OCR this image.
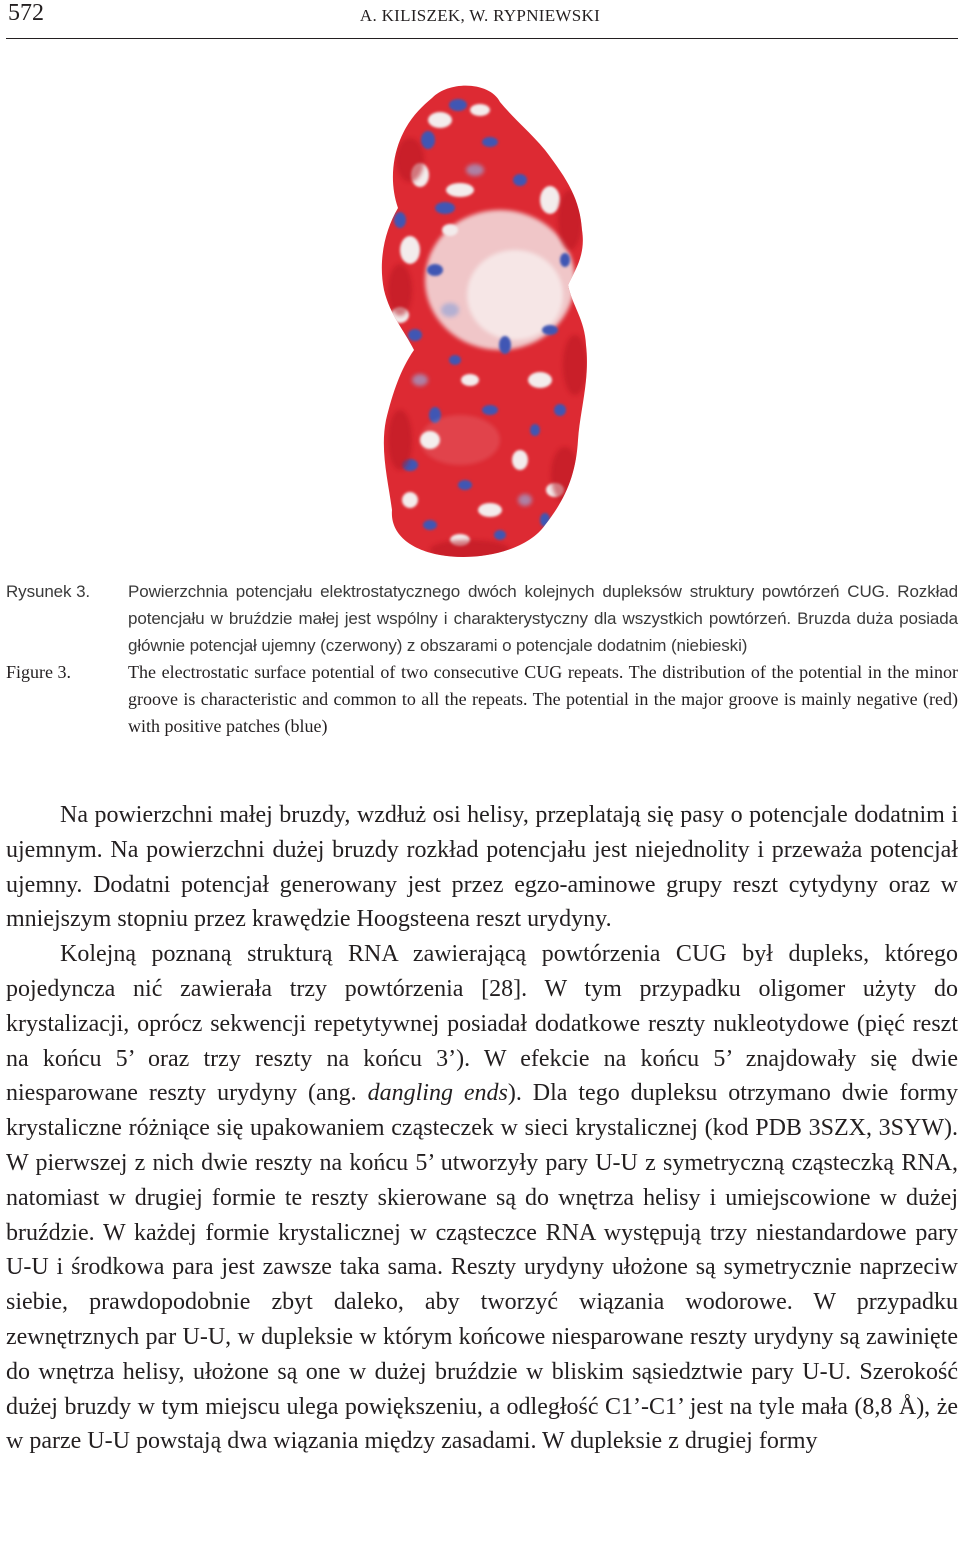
572	A. KILISZEK, W. RYPNIEWSKI
Rysunek 3.	Powierzchnia potencjału elektrostatycznego dwóch kolejnych dupleksów struktury powtórzeń CUG. Rozkład potencjału w bruździe małej jest wspólny i charakterystyczny dla wszystkich powtórzeń. Bruzda duża posiada głównie potencjał ujemny (czerwony) z obszarami o potencjale dodatnim (niebieski)
Figure 3.	The electrostatic surface potential of two consecutive CUG repeats. The distribution of the potential in the minor groove is characteristic and common to all the repeats. The potential in the major groove is mainly negative (red) with positive patches (blue)

Na powierzchni małej bruzdy, wzdłuż osi helisy, przeplatają się pasy o potencjale dodatnim i ujemnym. Na powierzchni dużej bruzdy rozkład potencjału jest niejednolity i przeważa potencjał ujemny. Dodatni potencjał generowany jest przez egzo-aminowe grupy reszt cytydyny oraz w mniejszym stopniu przez krawędzie Hoogsteena reszt urydyny.

Kolejną poznaną strukturą RNA zawierającą powtórzenia CUG był dupleks, którego pojedyncza nić zawierała trzy powtórzenia [28]. W tym przypadku oligomer użyty do krystalizacji, oprócz sekwencji repetytywnej posiadał dodatkowe reszty nukleotydowe (pięć reszt na końcu 5’ oraz trzy reszty na końcu 3’). W efekcie na końcu 5’ znajdowały się dwie niesparowane reszty urydyny (ang. dangling ends). Dla tego dupleksu otrzymano dwie formy krystaliczne różniące się upakowaniem cząsteczek w sieci krystalicznej (kod PDB 3SZX, 3SYW). W pierwszej z nich dwie reszty na końcu 5’ utworzyły pary U-U z symetryczną cząsteczką RNA, natomiast w drugiej formie te reszty skierowane są do wnętrza helisy i umiejscowione w dużej bruździe. W każdej formie krystalicznej w cząsteczce RNA występują trzy niestandardowe pary U-U i środkowa para jest zawsze taka sama. Reszty urydyny ułożone są symetrycznie naprzeciw siebie, prawdopodobnie zbyt daleko, aby tworzyć wiązania wodorowe. W przypadku zewnętrznych par U-U, w dupleksie w którym końcowe niesparowane reszty urydyny są zawinięte do wnętrza helisy, ułożone są one w dużej bruździe w bliskim sąsiedztwie pary U-U. Szerokość dużej bruzdy w tym miejscu ulega powiększeniu, a odległość C1’-C1’ jest na tyle mała (8,8 Å), że w parze U-U powstają dwa wiązania między zasadami. W dupleksie z drugiej formy
